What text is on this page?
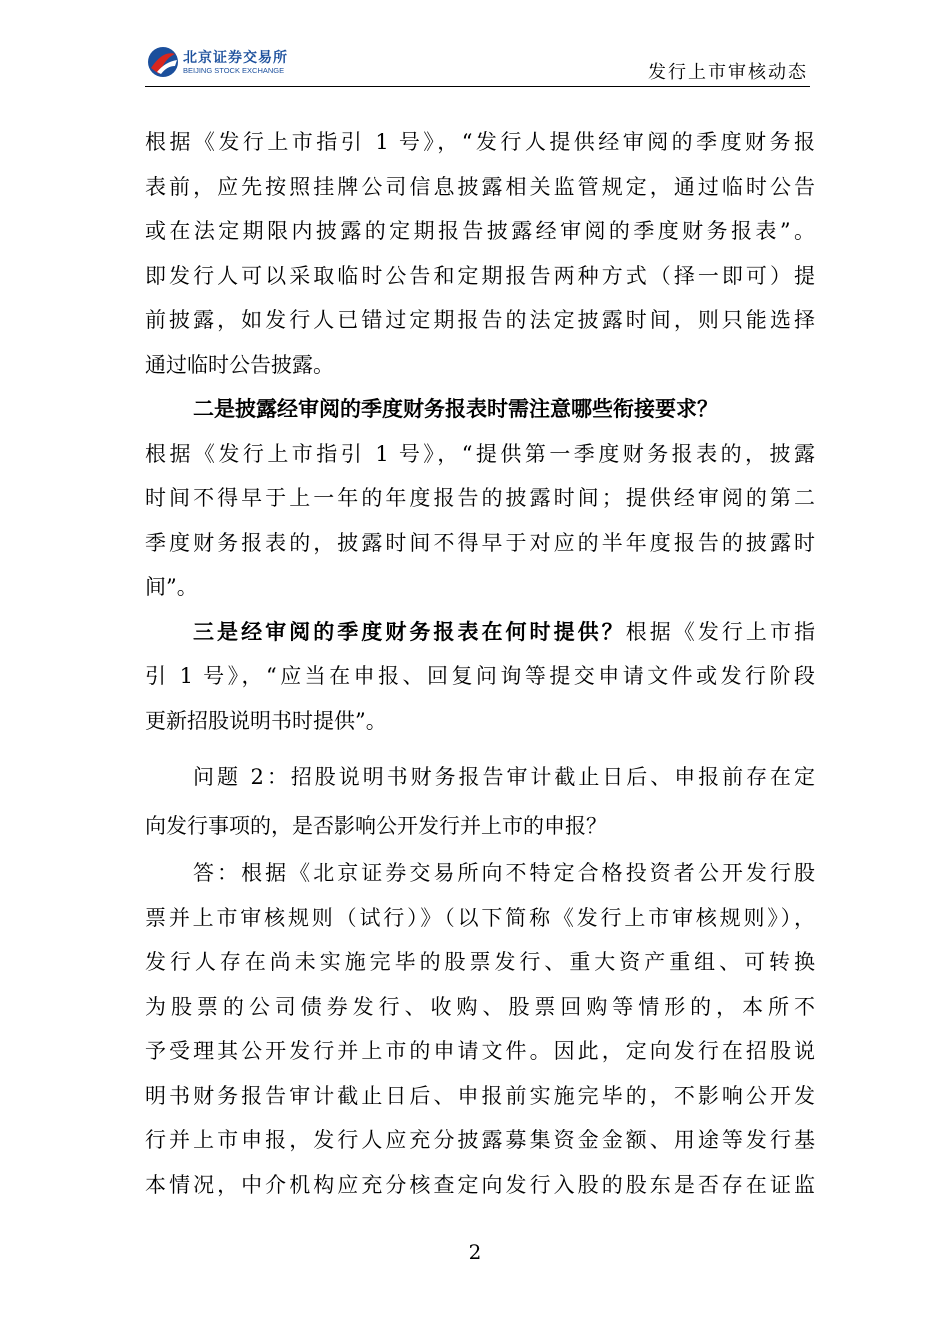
北京证券交易所
BEIJING STOCK EXCHANGE	发行上市审核动态
根据《发行上市指引 1 号》，“发行人提供经审阅的季度财务报
表前，应先按照挂牌公司信息披露相关监管规定，通过临时公告
或在法定期限内披露的定期报告披露经审阅的季度财务报表”。
即发行人可以采取临时公告和定期报告两种方式（择一即可）提
前披露，如发行人已错过定期报告的法定披露时间，则只能选择
通过临时公告披露。
二是披露经审阅的季度财务报表时需注意哪些衔接要求？
根据《发行上市指引 1 号》，“提供第一季度财务报表的，披露
时间不得早于上一年的年度报告的披露时间；提供经审阅的第二
季度财务报表的，披露时间不得早于对应的半年度报告的披露时
间”。
三是经审阅的季度财务报表在何时提供？根据《发行上市指
引 1 号》，“应当在申报、回复问询等提交申请文件或发行阶段
更新招股说明书时提供”。
问题 2：招股说明书财务报告审计截止日后、申报前存在定
向发行事项的，是否影响公开发行并上市的申报？
答：根据《北京证券交易所向不特定合格投资者公开发行股
票并上市审核规则（试行）》（以下简称《发行上市审核规则》），
发行人存在尚未实施完毕的股票发行、重大资产重组、可转换
为股票的公司债券发行、收购、股票回购等情形的，本所不
予受理其公开发行并上市的申请文件。因此，定向发行在招股说
明书财务报告审计截止日后、申报前实施完毕的，不影响公开发
行并上市申报，发行人应充分披露募集资金金额、用途等发行基
本情况，中介机构应充分核查定向发行入股的股东是否存在证监
2
